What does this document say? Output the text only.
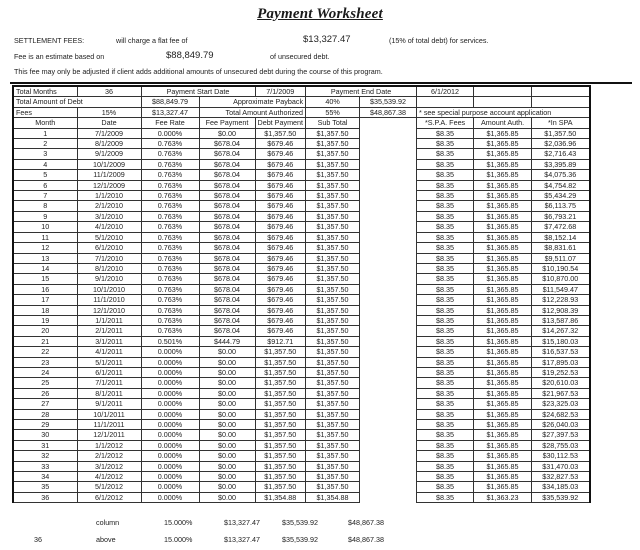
Payment Worksheet
SETTLEMENT FEES:	will charge a flat fee of	$13,327.47	(15% of total debt) for services.
Fee is an estimate based on	$88,849.79	of unsecured debt.
This fee may only be adjusted if client adds additional amounts of unsecured debt during the course of this program.
Total Months	36	Payment Start Date		7/1/2009	Payment End Date		6/1/2012		
Total Amount of Debt		$88,849.79	Approximate Payback		40%	$35,539.92			
Fees	15%	$13,327.47	Total Amount Authorized		55%	$48,867.38	* see special purpose account application		
Month	Date	Fee Rate	Fee Payment	Debt Payment	Sub Total		*S.P.A. Fees	Amount Auth.	*In SPA
1	7/1/2009	0.000%	$0.00	$1,357.50	$1,357.50		$8.35	$1,365.85	$1,357.50
2	8/1/2009	0.763%	$678.04	$679.46	$1,357.50		$8.35	$1,365.85	$2,036.96
3	9/1/2009	0.763%	$678.04	$679.46	$1,357.50		$8.35	$1,365.85	$2,716.43
4	10/1/2009	0.763%	$678.04	$679.46	$1,357.50		$8.35	$1,365.85	$3,395.89
5	11/1/2009	0.763%	$678.04	$679.46	$1,357.50		$8.35	$1,365.85	$4,075.36
6	12/1/2009	0.763%	$678.04	$679.46	$1,357.50		$8.35	$1,365.85	$4,754.82
7	1/1/2010	0.763%	$678.04	$679.46	$1,357.50		$8.35	$1,365.85	$5,434.29
8	2/1/2010	0.763%	$678.04	$679.46	$1,357.50		$8.35	$1,365.85	$6,113.75
9	3/1/2010	0.763%	$678.04	$679.46	$1,357.50		$8.35	$1,365.85	$6,793.21
10	4/1/2010	0.763%	$678.04	$679.46	$1,357.50		$8.35	$1,365.85	$7,472.68
11	5/1/2010	0.763%	$678.04	$679.46	$1,357.50		$8.35	$1,365.85	$8,152.14
12	6/1/2010	0.763%	$678.04	$679.46	$1,357.50		$8.35	$1,365.85	$8,831.61
13	7/1/2010	0.763%	$678.04	$679.46	$1,357.50		$8.35	$1,365.85	$9,511.07
14	8/1/2010	0.763%	$678.04	$679.46	$1,357.50		$8.35	$1,365.85	$10,190.54
15	9/1/2010	0.763%	$678.04	$679.46	$1,357.50		$8.35	$1,365.85	$10,870.00
16	10/1/2010	0.763%	$678.04	$679.46	$1,357.50		$8.35	$1,365.85	$11,549.47
17	11/1/2010	0.763%	$678.04	$679.46	$1,357.50		$8.35	$1,365.85	$12,228.93
18	12/1/2010	0.763%	$678.04	$679.46	$1,357.50		$8.35	$1,365.85	$12,908.39
19	1/1/2011	0.763%	$678.04	$679.46	$1,357.50		$8.35	$1,365.85	$13,587.86
20	2/1/2011	0.763%	$678.04	$679.46	$1,357.50		$8.35	$1,365.85	$14,267.32
21	3/1/2011	0.501%	$444.79	$912.71	$1,357.50		$8.35	$1,365.85	$15,180.03
22	4/1/2011	0.000%	$0.00	$1,357.50	$1,357.50		$8.35	$1,365.85	$16,537.53
23	5/1/2011	0.000%	$0.00	$1,357.50	$1,357.50		$8.35	$1,365.85	$17,895.03
24	6/1/2011	0.000%	$0.00	$1,357.50	$1,357.50		$8.35	$1,365.85	$19,252.53
25	7/1/2011	0.000%	$0.00	$1,357.50	$1,357.50		$8.35	$1,365.85	$20,610.03
26	8/1/2011	0.000%	$0.00	$1,357.50	$1,357.50		$8.35	$1,365.85	$21,967.53
27	9/1/2011	0.000%	$0.00	$1,357.50	$1,357.50		$8.35	$1,365.85	$23,325.03
28	10/1/2011	0.000%	$0.00	$1,357.50	$1,357.50		$8.35	$1,365.85	$24,682.53
29	11/1/2011	0.000%	$0.00	$1,357.50	$1,357.50		$8.35	$1,365.85	$26,040.03
30	12/1/2011	0.000%	$0.00	$1,357.50	$1,357.50		$8.35	$1,365.85	$27,397.53
31	1/1/2012	0.000%	$0.00	$1,357.50	$1,357.50		$8.35	$1,365.85	$28,755.03
32	2/1/2012	0.000%	$0.00	$1,357.50	$1,357.50		$8.35	$1,365.85	$30,112.53
33	3/1/2012	0.000%	$0.00	$1,357.50	$1,357.50		$8.35	$1,365.85	$31,470.03
34	4/1/2012	0.000%	$0.00	$1,357.50	$1,357.50		$8.35	$1,365.85	$32,827.53
35	5/1/2012	0.000%	$0.00	$1,357.50	$1,357.50		$8.35	$1,365.85	$34,185.03
36	6/1/2012	0.000%	$0.00	$1,354.88	$1,354.88		$8.35	$1,363.23	$35,539.92
column	15.000%	$13,327.47	$35,539.92	$48,867.38
36	above	15.000%	$13,327.47	$35,539.92	$48,867.38
